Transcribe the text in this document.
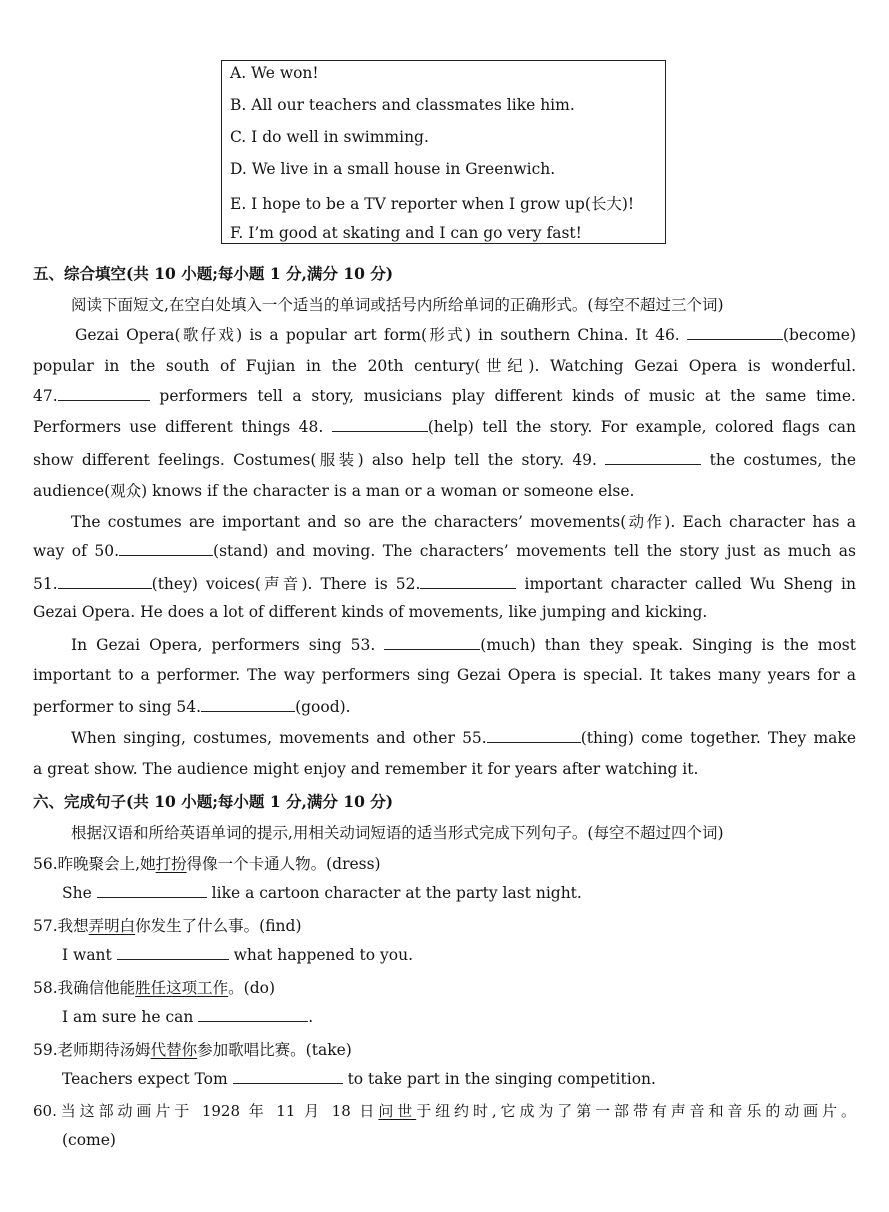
A. We won!
B. All our teachers and classmates like him.
C. I do well in swimming.
D. We live in a small house in Greenwich.
E. I hope to be a TV reporter when I grow up(长大)!
F. I’m good at skating and I can go very fast!
五、综合填空(共 10 小题;每小题 1 分,满分 10 分)
阅读下面短文,在空白处填入一个适当的单词或括号内所给单词的正确形式。(每空不超过三个词)
Gezai Opera(歌仔戏) is a popular art form(形式) in southern China. It 46.	(become)
popular in the south of Fujian in the 20th century(世纪). Watching Gezai Opera is wonderful.
47.	performers tell a story, musicians play different kinds of music at the same time.
Performers use different things 48.	(help) tell the story. For example, colored flags can
show different feelings. Costumes(服装) also help tell the story. 49.	the costumes, the
audience(观众) knows if the character is a man or a woman or someone else.
The costumes are important and so are the characters’ movements(动作). Each character has a
way of 50.	(stand) and moving. The characters’ movements tell the story just as much as
51.	(they) voices(声音). There is 52.	important character called Wu Sheng in
Gezai Opera. He does a lot of different kinds of movements, like jumping and kicking.
In Gezai Opera, performers sing 53.	(much) than they speak. Singing is the most
important to a performer. The way performers sing Gezai Opera is special. It takes many years for a
performer to sing 54.	(good).
When singing, costumes, movements and other 55.	(thing) come together. They make
a great show. The audience might enjoy and remember it for years after watching it.
六、完成句子(共 10 小题;每小题 1 分,满分 10 分)
根据汉语和所给英语单词的提示,用相关动词短语的适当形式完成下列句子。(每空不超过四个词)
56.昨晚聚会上,她打扮得像一个卡通人物。(dress)
She	like a cartoon character at the party last night.
57.我想弄明白你发生了什么事。(find)
I want	what happened to you.
58.我确信他能胜任这项工作。(do)
I am sure he can	.
59.老师期待汤姆代替你参加歌唱比赛。(take)
Teachers expect Tom	to take part in the singing competition.
60.当这部动画片于 1928 年 11 月 18 日问世于纽约时,它成为了第一部带有声音和音乐的动画片。
(come)
